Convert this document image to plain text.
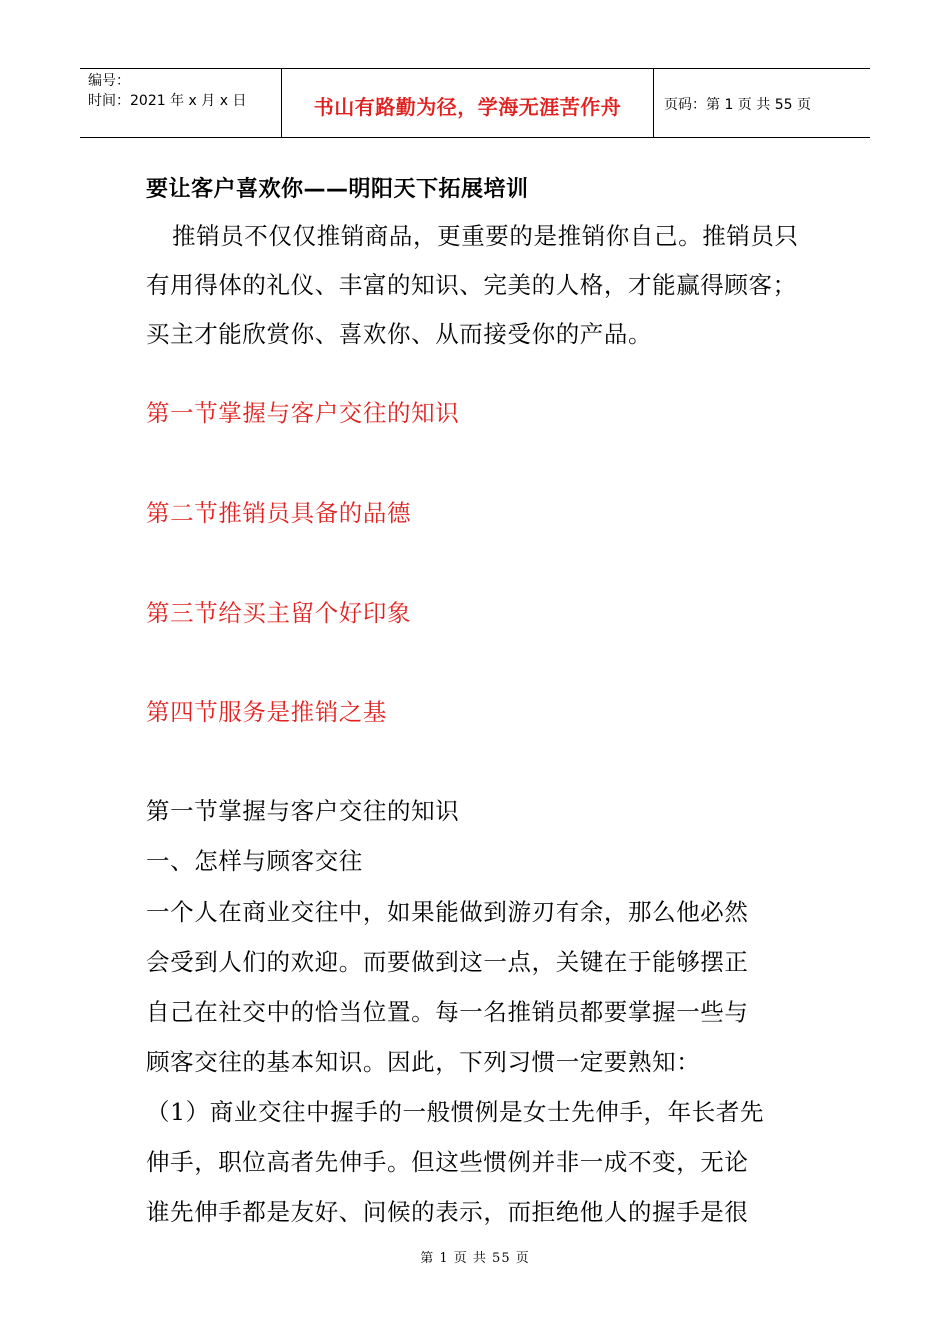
编号：
时间：2021 年 x 月 x 日	书山有路勤为径，学海无涯苦作舟	页码：第 1 页 共 55 页
要让客户喜欢你——明阳天下拓展培训

推销员不仅仅推销商品，更重要的是推销你自己。推销员只有用得体的礼仪、丰富的知识、完美的人格，才能赢得顾客；买主才能欣赏你、喜欢你、从而接受你的产品。

第一节掌握与客户交往的知识
第二节推销员具备的品德
第三节给买主留个好印象
第四节服务是推销之基
第一节掌握与客户交往的知识
一、怎样与顾客交往
一个人在商业交往中，如果能做到游刃有余，那么他必然
会受到人们的欢迎。而要做到这一点，关键在于能够摆正
自己在社交中的恰当位置。每一名推销员都要掌握一些与
顾客交往的基本知识。因此，下列习惯一定要熟知：
（1）商业交往中握手的一般惯例是女士先伸手，年长者先
伸手，职位高者先伸手。但这些惯例并非一成不变，无论
谁先伸手都是友好、问候的表示，而拒绝他人的握手是很
第 1 页 共 55 页
